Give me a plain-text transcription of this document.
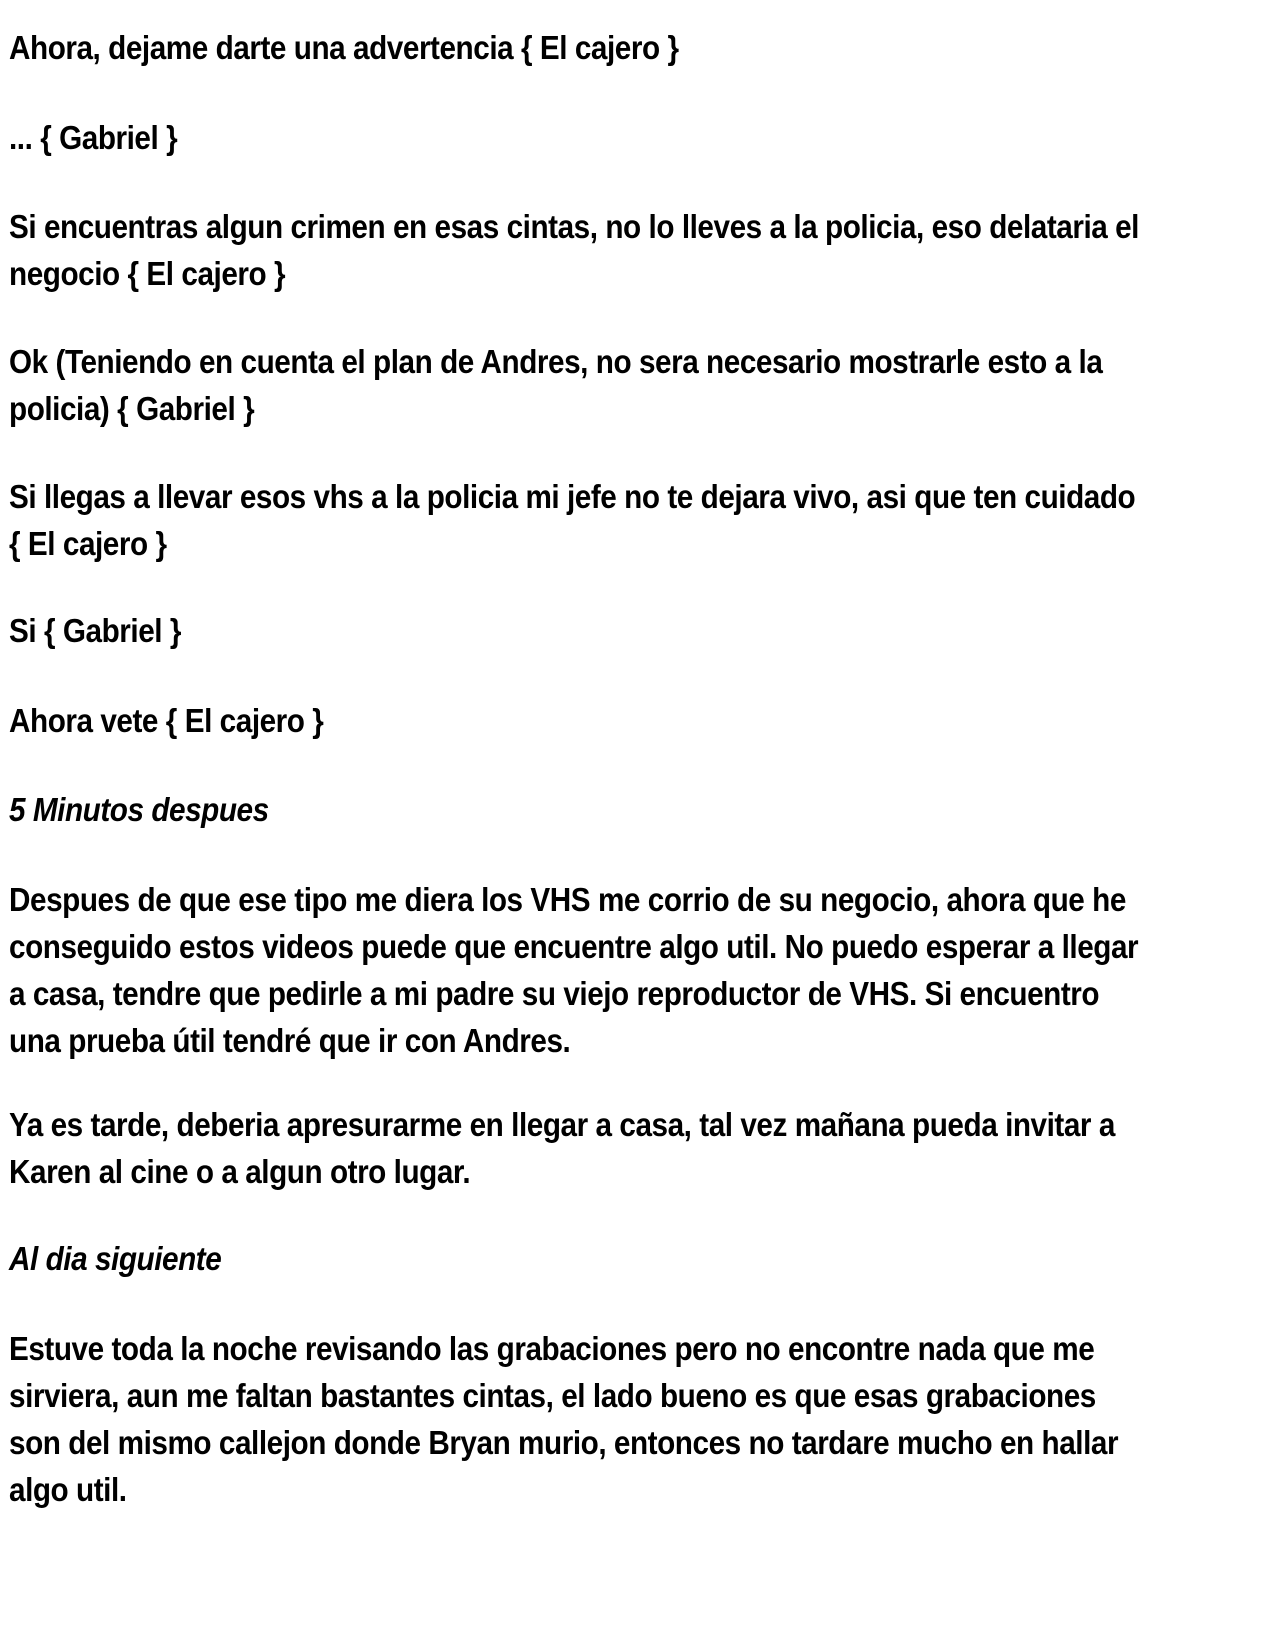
Ahora, dejame darte una advertencia { El cajero }

... { Gabriel }

Si encuentras algun crimen en esas cintas, no lo lleves a la policia, eso delataria el negocio { El cajero }

Ok (Teniendo en cuenta el plan de Andres, no sera necesario mostrarle esto a la policia) { Gabriel }

Si llegas a llevar esos vhs a la policia mi jefe no te dejara vivo, asi que ten cuidado { El cajero }

Si { Gabriel }

Ahora vete { El cajero }

5 Minutos despues

Despues de que ese tipo me diera los VHS me corrio de su negocio, ahora que he conseguido estos videos puede que encuentre algo util. No puedo esperar a llegar a casa, tendre que pedirle a mi padre su viejo reproductor de VHS. Si encuentro una prueba útil tendré que ir con Andres.

Ya es tarde, deberia apresurarme en llegar a casa, tal vez mañana pueda invitar a Karen al cine o a algun otro lugar.

Al dia siguiente

Estuve toda la noche revisando las grabaciones pero no encontre nada que me sirviera, aun me faltan bastantes cintas, el lado bueno es que esas grabaciones son del mismo callejon donde Bryan murio, entonces no tardare mucho en hallar algo util.
